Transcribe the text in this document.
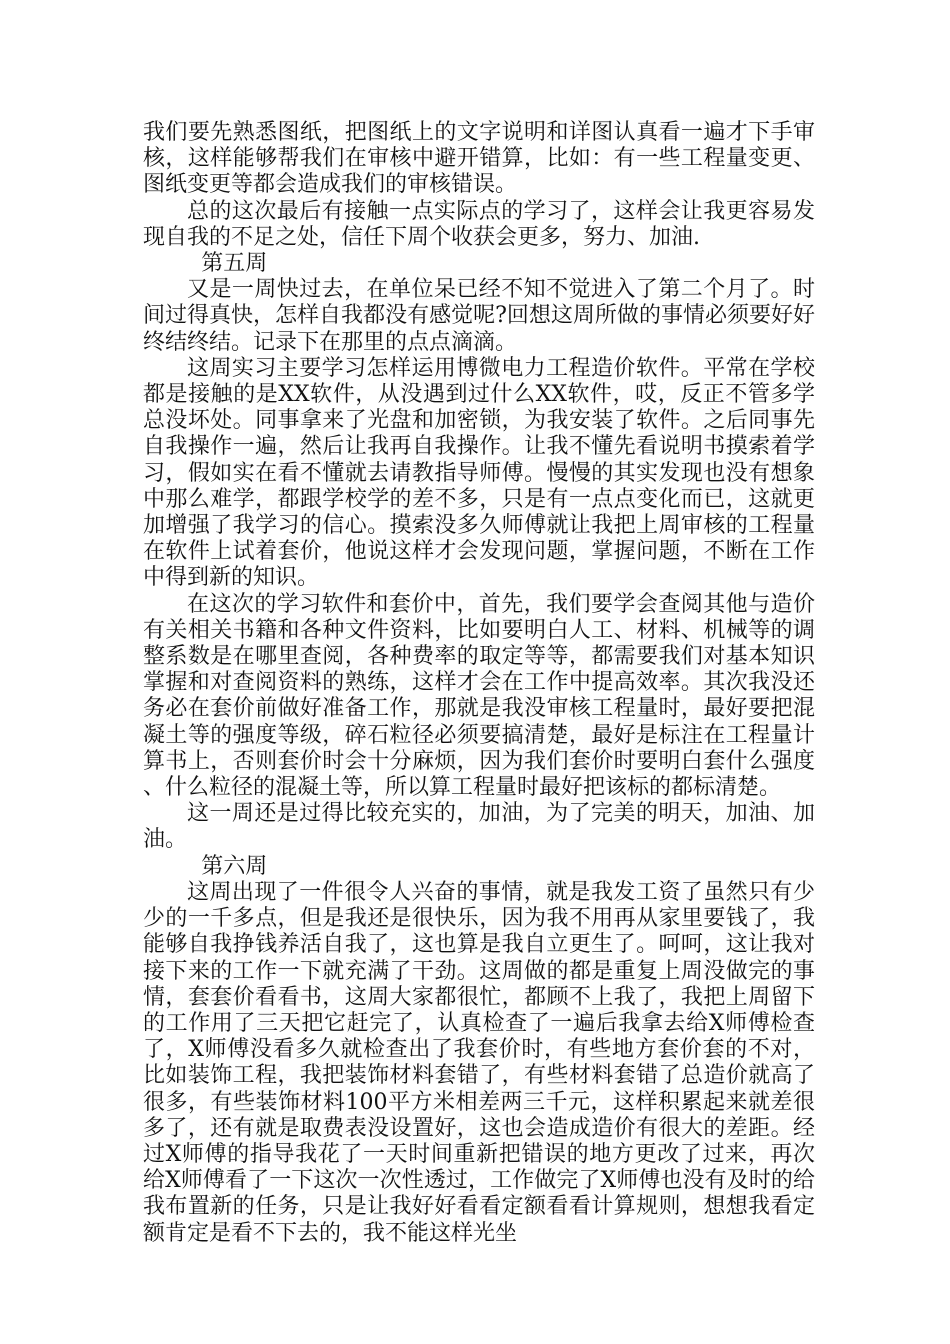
我们要先熟悉图纸，把图纸上的文字说明和详图认真看一遍才下手审核，这样能够帮我们在审核中避开错算，比如：有一些工程量变更、图纸变更等都会造成我们的审核错误。

总的这次最后有接触一点实际点的学习了，这样会让我更容易发现自我的不足之处，信任下周个收获会更多，努力、加油.

第五周

又是一周快过去，在单位呆已经不知不觉进入了第二个月了。时间过得真快，怎样自我都没有感觉呢?回想这周所做的事情必须要好好终结终结。记录下在那里的点点滴滴。

这周实习主要学习怎样运用博微电力工程造价软件。平常在学校都是接触的是XX软件，从没遇到过什么XX软件，哎，反正不管多学总没坏处。同事拿来了光盘和加密锁，为我安装了软件。之后同事先自我操作一遍，然后让我再自我操作。让我不懂先看说明书摸索着学习，假如实在看不懂就去请教指导师傅。慢慢的其实发现也没有想象中那么难学，都跟学校学的差不多，只是有一点点变化而已，这就更加增强了我学习的信心。摸索没多久师傅就让我把上周审核的工程量在软件上试着套价，他说这样才会发现问题，掌握问题，不断在工作中得到新的知识。

在这次的学习软件和套价中，首先，我们要学会查阅其他与造价有关相关书籍和各种文件资料，比如要明白人工、材料、机械等的调整系数是在哪里查阅，各种费率的取定等等，都需要我们对基本知识掌握和对查阅资料的熟练，这样才会在工作中提高效率。其次我没还务必在套价前做好准备工作，那就是我没审核工程量时，最好要把混凝土等的强度等级，碎石粒径必须要搞清楚，最好是标注在工程量计算书上，否则套价时会十分麻烦，因为我们套价时要明白套什么强度、什么粒径的混凝土等，所以算工程量时最好把该标的都标清楚。

这一周还是过得比较充实的，加油，为了完美的明天，加油、加油。

第六周

这周出现了一件很令人兴奋的事情，就是我发工资了虽然只有少少的一千多点，但是我还是很快乐，因为我不用再从家里要钱了，我能够自我挣钱养活自我了，这也算是我自立更生了。呵呵，这让我对接下来的工作一下就充满了干劲。这周做的都是重复上周没做完的事情，套套价看看书，这周大家都很忙，都顾不上我了，我把上周留下的工作用了三天把它赶完了，认真检查了一遍后我拿去给X师傅检查了，X师傅没看多久就检查出了我套价时，有些地方套价套的不对，比如装饰工程，我把装饰材料套错了，有些材料套错了总造价就高了很多，有些装饰材料100平方米相差两三千元，这样积累起来就差很多了，还有就是取费表没设置好，这也会造成造价有很大的差距。经过X师傅的指导我花了一天时间重新把错误的地方更改了过来，再次给X师傅看了一下这次一次性透过，工作做完了X师傅也没有及时的给我布置新的任务，只是让我好好看看定额看看计算规则，想想我看定额肯定是看不下去的，我不能这样光坐
